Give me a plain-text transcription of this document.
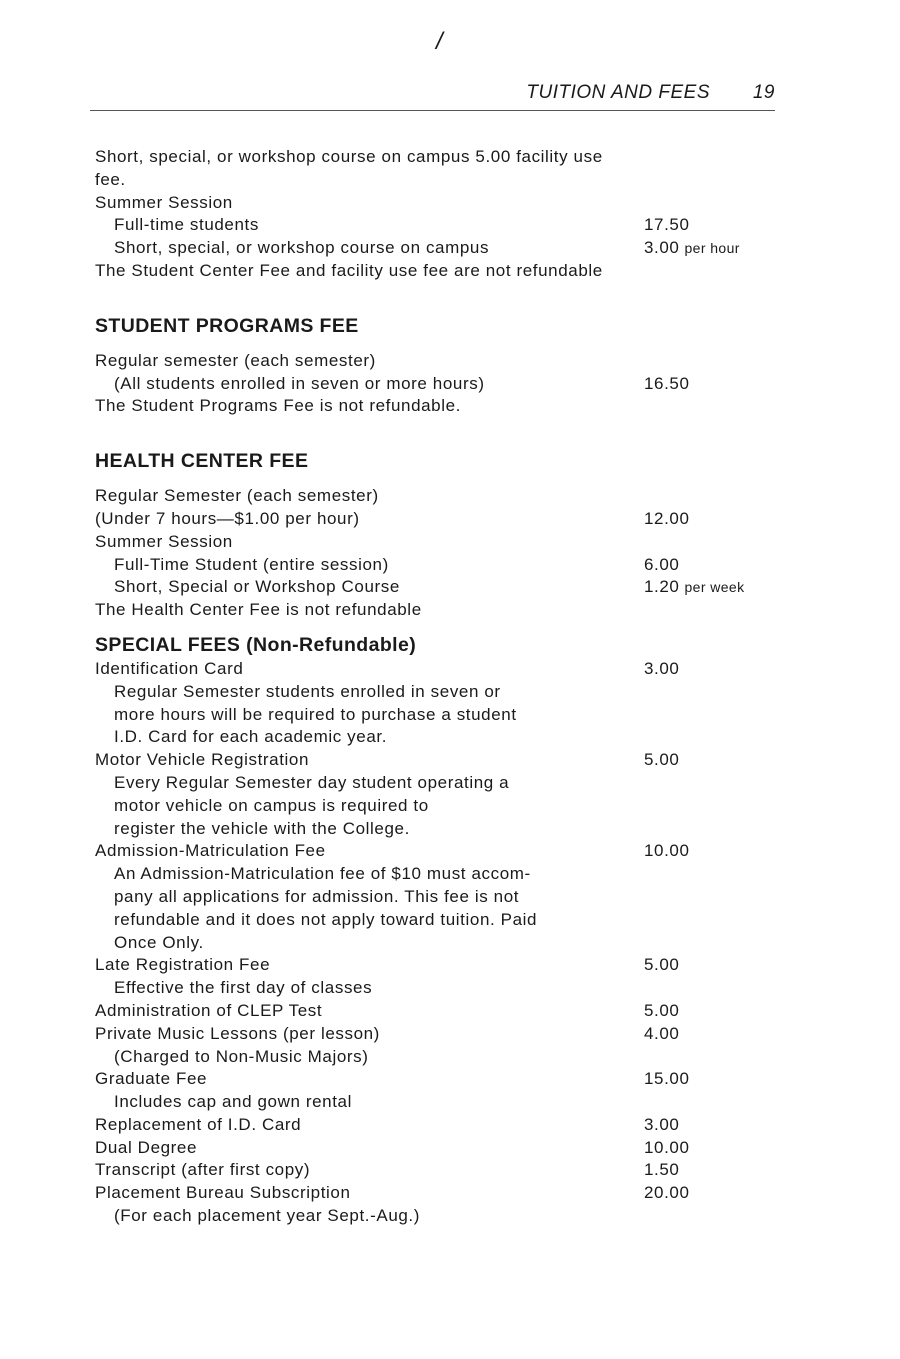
/
TUITION AND FEES 19
Short, special, or workshop course on campus 5.00 facility use
fee.
Summer Session
Full-time students	17.50
Short, special, or workshop course on campus	3.00 per hour
The Student Center Fee and facility use fee are not refundable
STUDENT PROGRAMS FEE
Regular semester (each semester)
(All students enrolled in seven or more hours)	16.50
The Student Programs Fee is not refundable.
HEALTH CENTER FEE
Regular Semester (each semester)
(Under 7 hours—$1.00 per hour)	12.00
Summer Session
Full-Time Student (entire session)	6.00
Short, Special or Workshop Course	1.20 per week
The Health Center Fee is not refundable
SPECIAL FEES (Non-Refundable)
Identification Card	3.00
Regular Semester students enrolled in seven or
more hours will be required to purchase a student
I.D. Card for each academic year.
Motor Vehicle Registration	5.00
Every Regular Semester day student operating a
motor vehicle on campus is required to
register the vehicle with the College.
Admission-Matriculation Fee	10.00
An Admission-Matriculation fee of $10 must accom-
pany all applications for admission. This fee is not
refundable and it does not apply toward tuition. Paid
Once Only.
Late Registration Fee	5.00
Effective the first day of classes
Administration of CLEP Test	5.00
Private Music Lessons (per lesson)	4.00
(Charged to Non-Music Majors)
Graduate Fee	15.00
Includes cap and gown rental
Replacement of I.D. Card	3.00
Dual Degree	10.00
Transcript (after first copy)	1.50
Placement Bureau Subscription	20.00
(For each placement year Sept.-Aug.)
